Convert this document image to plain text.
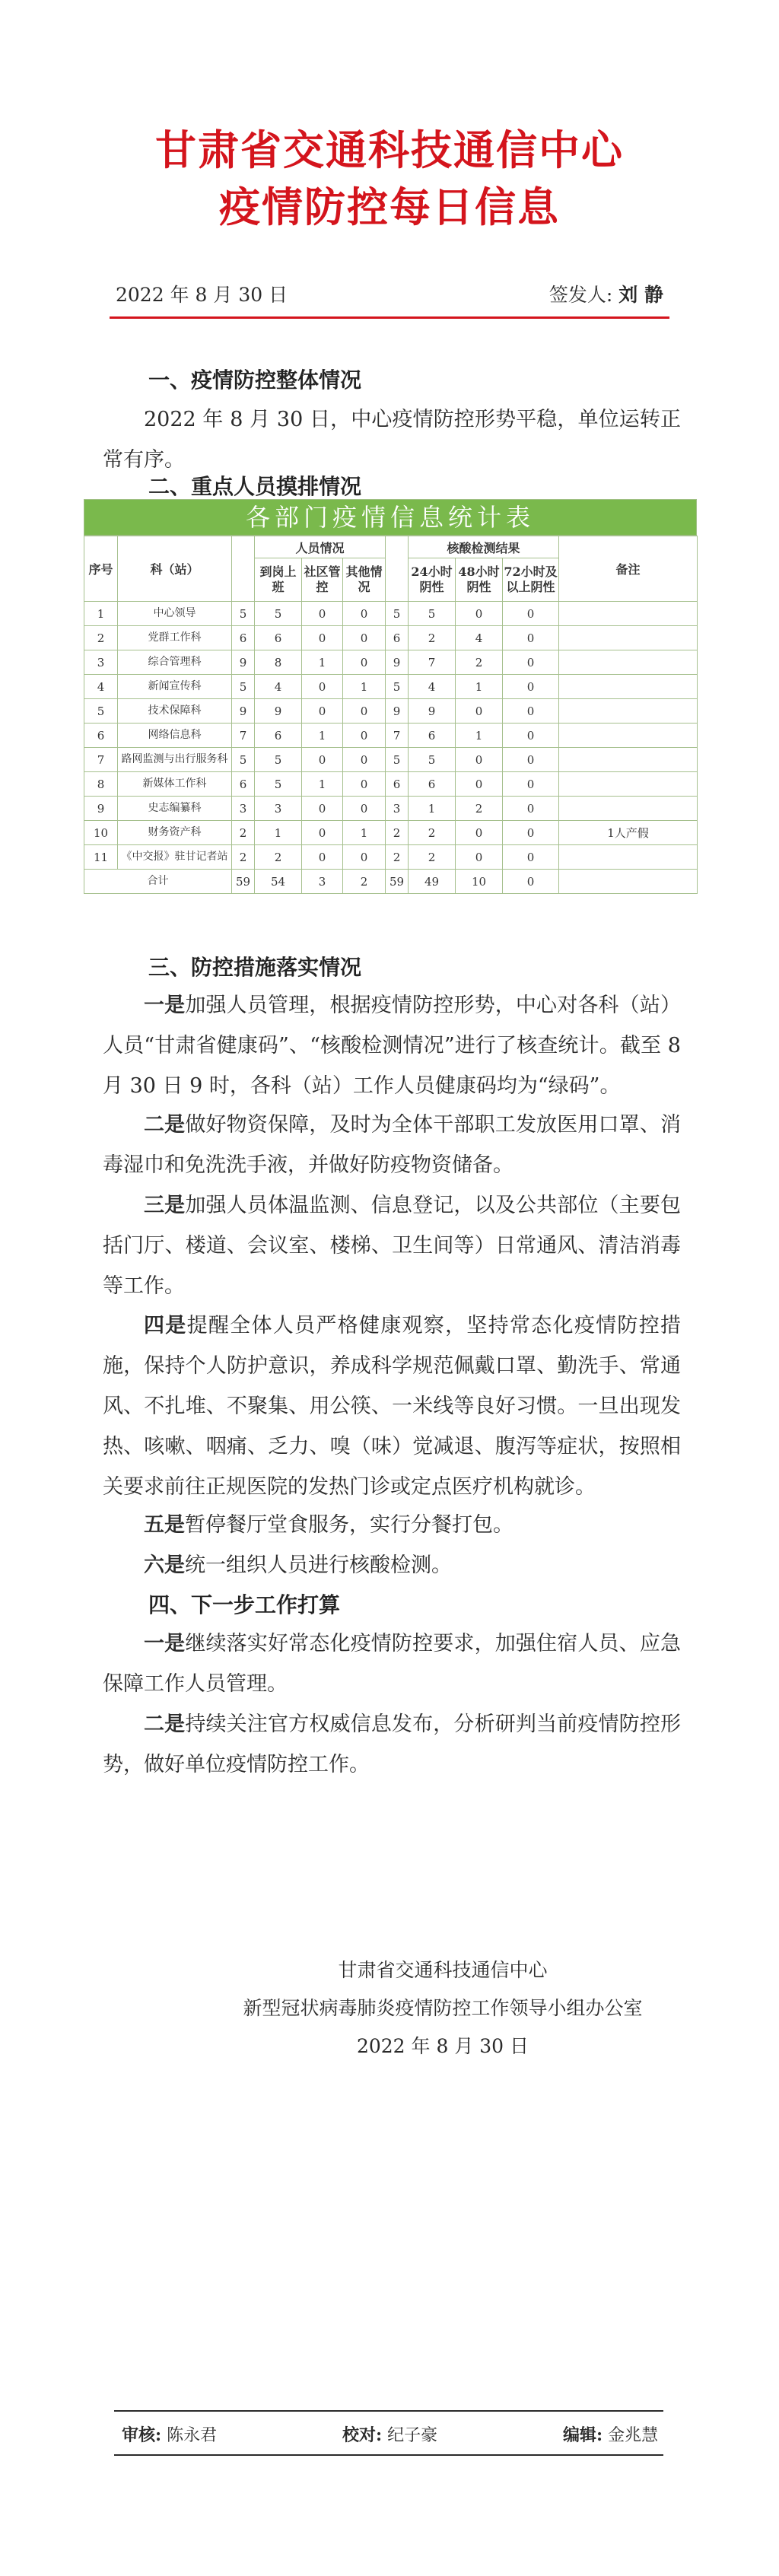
甘肃省交通科技通信中心
疫情防控每日信息
2022 年 8 月 30 日	签发人: 刘 静
一、疫情防控整体情况
2022 年 8 月 30 日，中心疫情防控形势平稳，单位运转正常有序。
二、重点人员摸排情况
各部门疫情信息统计表
序号	科（站）		人员情况				核酸检测结果			备注
			到岗上班	社区管控	其他情况		24小时阴性	48小时阴性	72小时及以上阴性	
1	中心领导	5	5	0	0	5	5	0	0	
2	党群工作科	6	6	0	0	6	2	4	0	
3	综合管理科	9	8	1	0	9	7	2	0	
4	新闻宣传科	5	4	0	1	5	4	1	0	
5	技术保障科	9	9	0	0	9	9	0	0	
6	网络信息科	7	6	1	0	7	6	1	0	
7	路网监测与出行服务科	5	5	0	0	5	5	0	0	
8	新媒体工作科	6	5	1	0	6	6	0	0	
9	史志编纂科	3	3	0	0	3	1	2	0	
10	财务资产科	2	1	0	1	2	2	0	0	1人产假
11	《中交报》驻甘记者站	2	2	0	0	2	2	0	0	
合计		59	54	3	2	59	49	10	0	
三、防控措施落实情况
一是加强人员管理，根据疫情防控形势，中心对各科（站）人员“甘肃省健康码”、“核酸检测情况”进行了核查统计。截至 8 月 30 日 9 时，各科（站）工作人员健康码均为“绿码”。
二是做好物资保障，及时为全体干部职工发放医用口罩、消毒湿巾和免洗洗手液，并做好防疫物资储备。
三是加强人员体温监测、信息登记，以及公共部位（主要包括门厅、楼道、会议室、楼梯、卫生间等）日常通风、清洁消毒等工作。
四是提醒全体人员严格健康观察，坚持常态化疫情防控措施，保持个人防护意识，养成科学规范佩戴口罩、勤洗手、常通风、不扎堆、不聚集、用公筷、一米线等良好习惯。一旦出现发热、咳嗽、咽痛、乏力、嗅（味）觉减退、腹泻等症状，按照相关要求前往正规医院的发热门诊或定点医疗机构就诊。
五是暂停餐厅堂食服务，实行分餐打包。
六是统一组织人员进行核酸检测。
四、下一步工作打算
一是继续落实好常态化疫情防控要求，加强住宿人员、应急保障工作人员管理。
二是持续关注官方权威信息发布，分析研判当前疫情防控形势，做好单位疫情防控工作。
甘肃省交通科技通信中心
新型冠状病毒肺炎疫情防控工作领导小组办公室
2022 年 8 月 30 日
审核: 陈永君	校对: 纪子豪	编辑: 金兆慧
